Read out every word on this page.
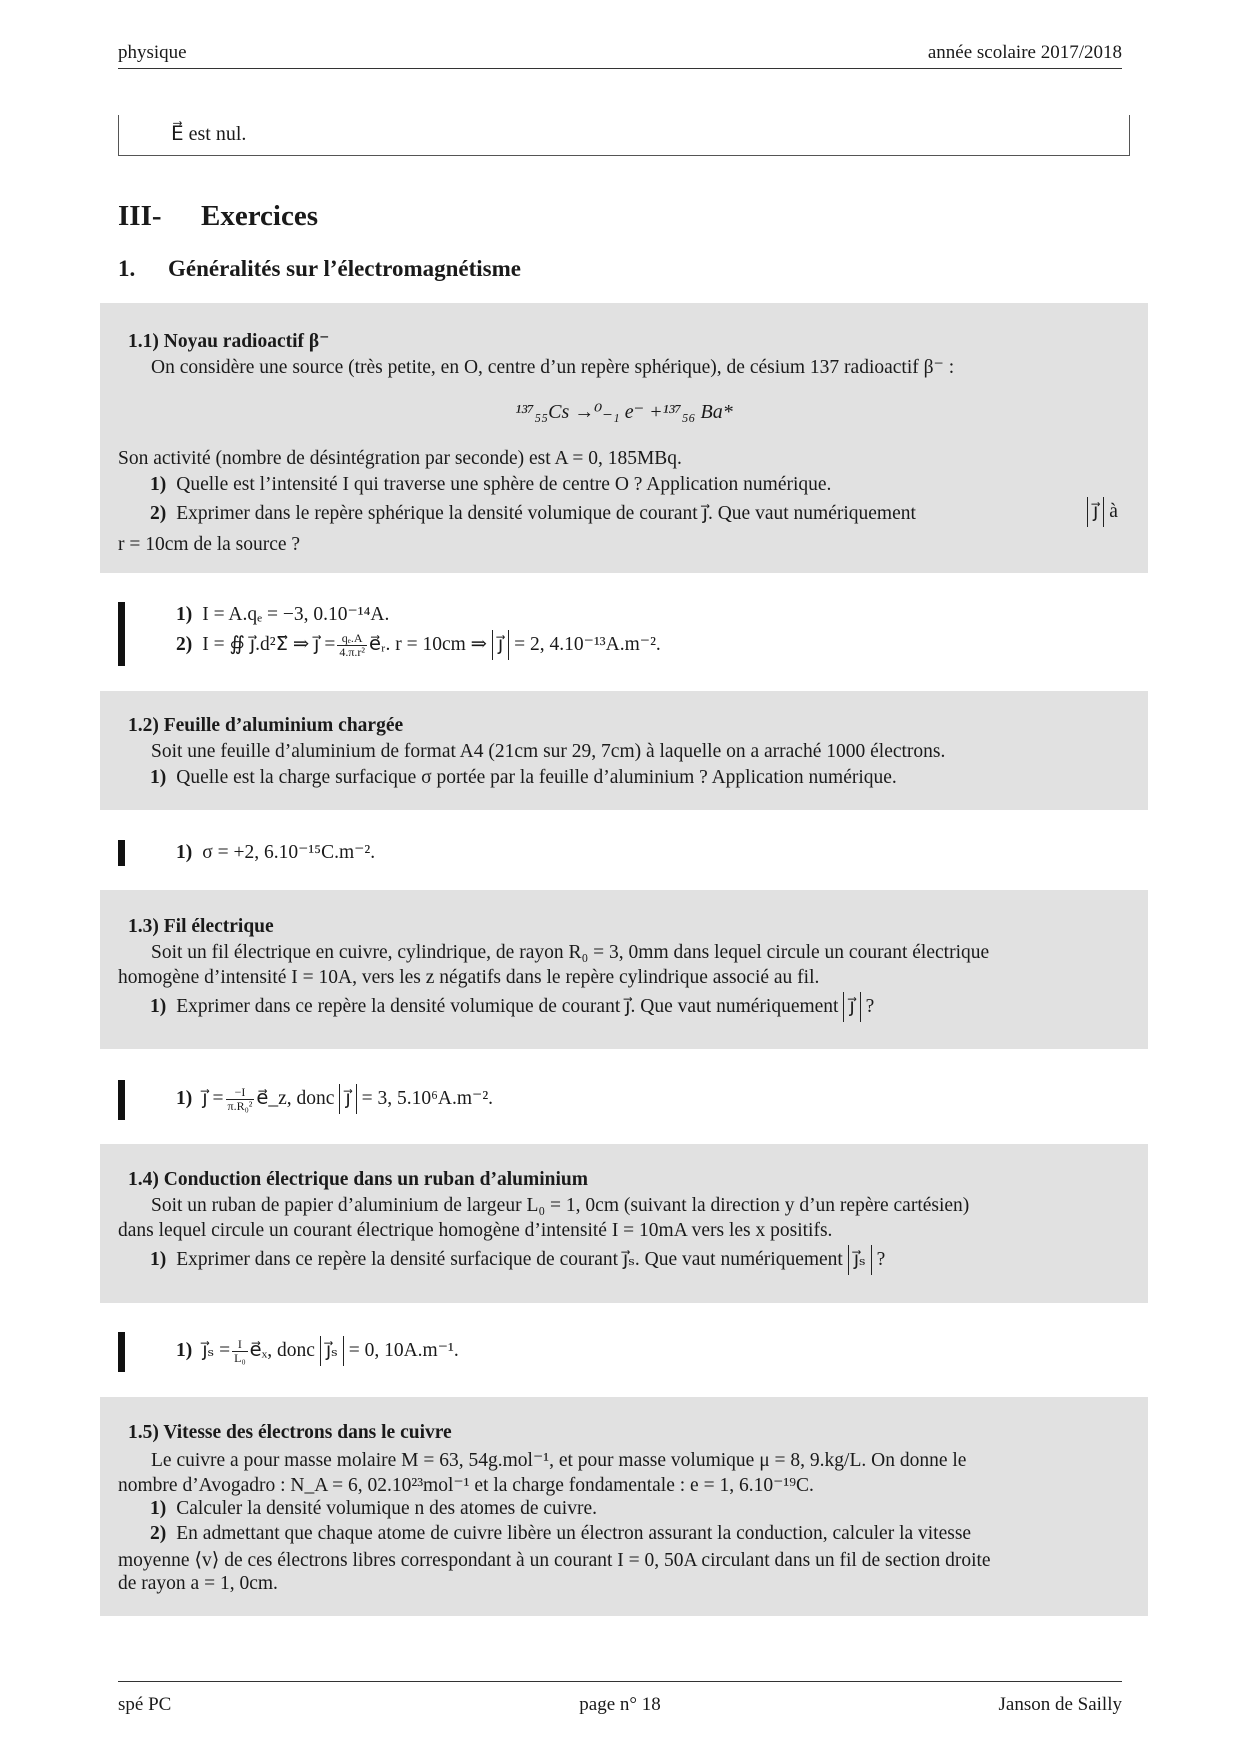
physique	année scolaire 2017/2018
E⃗ est nul.
III- Exercices
1. Généralités sur l’électromagnétisme
1.1) Noyau radioactif β⁻
On considère une source (très petite, en O, centre d’un repère sphérique), de césium 137 radioactif β⁻ :
¹³⁷₅₅Cs →⁰₋₁ e⁻ +¹³⁷₅₆ Ba*
Son activité (nombre de désintégration par seconde) est A = 0, 185MBq.
1) Quelle est l’intensité I qui traverse une sphère de centre O ? Application numérique.
2) Exprimer dans le repère sphérique la densité volumique de courant j⃗. Que vaut numériquement	j⃗ à
r = 10cm de la source ?
1) I = A.qₑ = −3, 0.10⁻¹⁴A.
2) I = ∯ j⃗.d²Σ⃗ ⇒ j⃗ = $\frac{\text{qₑ.A}}{\text{4.π.r²}}$ e⃗ᵣ. r = 10cm ⇒ j⃗ = 2, 4.10⁻¹³A.m⁻².
1.2) Feuille d’aluminium chargée
Soit une feuille d’aluminium de format A4 (21cm sur 29, 7cm) à laquelle on a arraché 1000 électrons.
1) Quelle est la charge surfacique σ portée par la feuille d’aluminium ? Application numérique.
1) σ = +2, 6.10⁻¹⁵C.m⁻².
1.3) Fil électrique
Soit un fil électrique en cuivre, cylindrique, de rayon R₀ = 3, 0mm dans lequel circule un courant électrique
homogène d’intensité I = 10A, vers les z négatifs dans le repère cylindrique associé au fil.
1) Exprimer dans ce repère la densité volumique de courant j⃗. Que vaut numériquement j⃗ ?
1) j⃗ = $\frac{-I}{\text{π.R₀²}}$ e⃗_z, donc j⃗ = 3, 5.10⁶A.m⁻².
1.4) Conduction électrique dans un ruban d’aluminium
Soit un ruban de papier d’aluminium de largeur L₀ = 1, 0cm (suivant la direction y d’un repère cartésien)
dans lequel circule un courant électrique homogène d’intensité I = 10mA vers les x positifs.
1) Exprimer dans ce repère la densité surfacique de courant j⃗ₛ. Que vaut numériquement j⃗ₛ ?
1) j⃗ₛ = $\frac{I}{\text{L₀}}$ e⃗ₓ, donc j⃗ₛ = 0, 10A.m⁻¹.
1.5) Vitesse des électrons dans le cuivre
Le cuivre a pour masse molaire M = 63, 54g.mol⁻¹, et pour masse volumique μ = 8, 9.kg/L. On donne le
nombre d’Avogadro : N_A = 6, 02.10²³mol⁻¹ et la charge fondamentale : e = 1, 6.10⁻¹⁹C.
1) Calculer la densité volumique n des atomes de cuivre.
2) En admettant que chaque atome de cuivre libère un électron assurant la conduction, calculer la vitesse
moyenne ⟨v⟩ de ces électrons libres correspondant à un courant I = 0, 50A circulant dans un fil de section droite
de rayon a = 1, 0cm.
spé PC	page n° 18	Janson de Sailly
